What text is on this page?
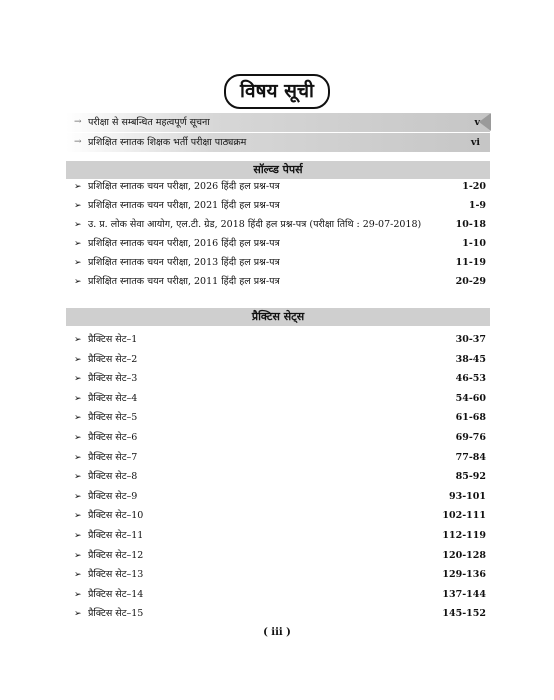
विषय सूची
→ परीक्षा से सम्बन्धित महत्वपूर्ण सूचना	v
→ प्रशिक्षित स्नातक शिक्षक भर्ती परीक्षा पाठ्यक्रम	vi
सॉल्व्ड पेपर्स
➢ प्रशिक्षित स्नातक चयन परीक्षा, 2026 हिंदी हल प्रश्न-पत्र	1-20
➢ प्रशिक्षित स्नातक चयन परीक्षा, 2021 हिंदी हल प्रश्न-पत्र	1-9
➢ उ. प्र. लोक सेवा आयोग, एल.टी. ग्रेड, 2018 हिंदी हल प्रश्न-पत्र (परीक्षा तिथि : 29-07-2018)	10-18
➢ प्रशिक्षित स्नातक चयन परीक्षा, 2016 हिंदी हल प्रश्न-पत्र	1-10
➢ प्रशिक्षित स्नातक चयन परीक्षा, 2013 हिंदी हल प्रश्न-पत्र	11-19
➢ प्रशिक्षित स्नातक चयन परीक्षा, 2011 हिंदी हल प्रश्न-पत्र	20-29
प्रैक्टिस सेट्स
➢ प्रैक्टिस सेट–1	30-37
➢ प्रैक्टिस सेट–2	38-45
➢ प्रैक्टिस सेट–3	46-53
➢ प्रैक्टिस सेट–4	54-60
➢ प्रैक्टिस सेट–5	61-68
➢ प्रैक्टिस सेट–6	69-76
➢ प्रैक्टिस सेट–7	77-84
➢ प्रैक्टिस सेट–8	85-92
➢ प्रैक्टिस सेट–9	93-101
➢ प्रैक्टिस सेट–10	102-111
➢ प्रैक्टिस सेट–11	112-119
➢ प्रैक्टिस सेट–12	120-128
➢ प्रैक्टिस सेट–13	129-136
➢ प्रैक्टिस सेट–14	137-144
➢ प्रैक्टिस सेट–15	145-152
( iii )
